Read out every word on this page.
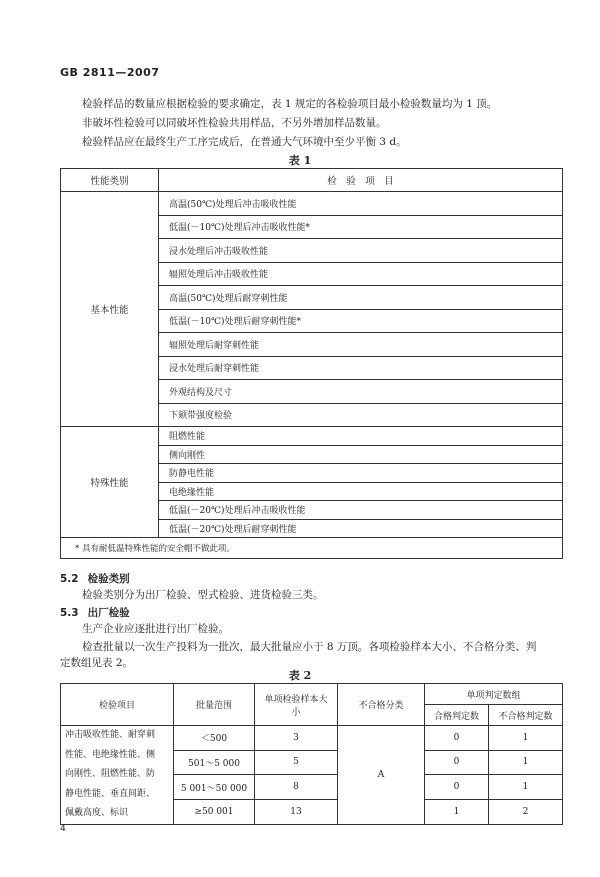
GB 2811—2007
检验样品的数量应根据检验的要求确定，表 1 规定的各检验项目最小检验数量均为 1 顶。
非破坏性检验可以同破坏性检验共用样品，不另外增加样品数量。
检验样品应在最终生产工序完成后，在普通大气环境中至少平衡 3 d。
表 1
性能类别	检　验　项　目
基本性能	高温(50℃)处理后冲击吸收性能
	低温(－10℃)处理后冲击吸收性能*
	浸水处理后冲击吸收性能
	辐照处理后冲击吸收性能
	高温(50℃)处理后耐穿刺性能
	低温(－10℃)处理后耐穿刺性能*
	辐照处理后耐穿刺性能
	浸水处理后耐穿刺性能
	外观结构及尺寸
	下颏带强度检验
特殊性能	阻燃性能
	侧向刚性
	防静电性能
	电绝缘性能
	低温(－20℃)处理后冲击吸收性能
	低温(－20℃)处理后耐穿刺性能
* 具有耐低温特殊性能的安全帽不做此项。	
5.2 检验类别
检验类别分为出厂检验、型式检验、进货检验三类。
5.3 出厂检验
生产企业应逐批进行出厂检验。
检查批量以一次生产投料为一批次，最大批量应小于 8 万顶。各项检验样本大小、不合格分类、判
定数组见表 2。
表 2
检验项目	批量范围	单项检验样本大小	不合格分类	单项判定数组	
				合格判定数	不合格判定数

冲击吸收性能、耐穿刺
性能、电绝缘性能、侧
向刚性、阻燃性能、防
静电性能、垂直间距、
佩戴高度、标识	＜500	3	A	0	1
	501～5 000	5		0	1
	5 001～50 000	8		0	1
	≥50 001	13		1	2
4
